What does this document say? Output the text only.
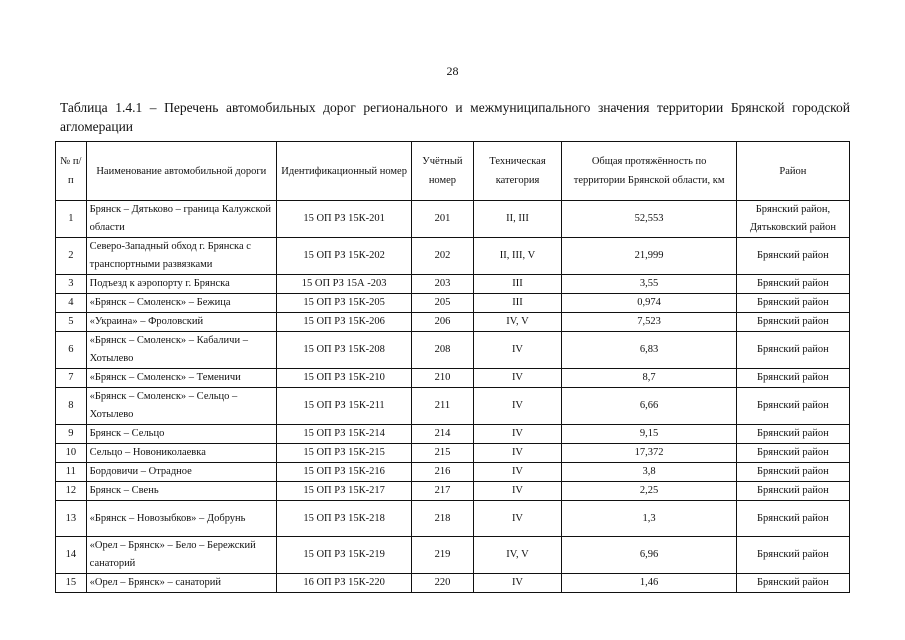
28
Таблица 1.4.1 – Перечень автомобильных дорог регионального и межмуниципального значения территории Брянской городской агломерации
№ п/п	Наименование автомобильной дороги	Идентификационный номер	Учётный номер	Техническая категория	Общая протяжённость по территории Брянской области, км	Район
1	Брянск – Дятьково – граница Калужской области	15 ОП РЗ 15К-201	201	II, III	52,553	Брянский район, Дятьковский район
2	Северо-Западный обход г. Брянска с транспортными развязками	15 ОП РЗ 15К-202	202	II, III, V	21,999	Брянский район
3	Подъезд к аэропорту г. Брянска	15 ОП РЗ 15А -203	203	III	3,55	Брянский район
4	«Брянск – Смоленск» – Бежица	15 ОП РЗ 15К-205	205	III	0,974	Брянский район
5	«Украина» – Фроловский	15 ОП РЗ 15К-206	206	IV, V	7,523	Брянский район
6	«Брянск – Смоленск» – Кабаличи – Хотылево	15 ОП РЗ 15К-208	208	IV	6,83	Брянский район
7	«Брянск – Смоленск» – Теменичи	15 ОП РЗ 15К-210	210	IV	8,7	Брянский район
8	«Брянск – Смоленск» – Сельцо – Хотылево	15 ОП РЗ 15К-211	211	IV	6,66	Брянский район
9	Брянск – Сельцо	15 ОП РЗ 15К-214	214	IV	9,15	Брянский район
10	Сельцо – Новониколаевка	15 ОП РЗ 15К-215	215	IV	17,372	Брянский район
11	Бордовичи – Отрадное	15 ОП РЗ 15К-216	216	IV	3,8	Брянский район
12	Брянск – Свень	15 ОП РЗ 15К-217	217	IV	2,25	Брянский район
13	«Брянск – Новозыбков» – Добрунь	15 ОП РЗ 15К-218	218	IV	1,3	Брянский район
14	«Орел – Брянск» – Бело – Бережский санаторий	15 ОП РЗ 15К-219	219	IV, V	6,96	Брянский район
15	«Орел – Брянск» – санаторий	16 ОП РЗ 15К-220	220	IV	1,46	Брянский район
